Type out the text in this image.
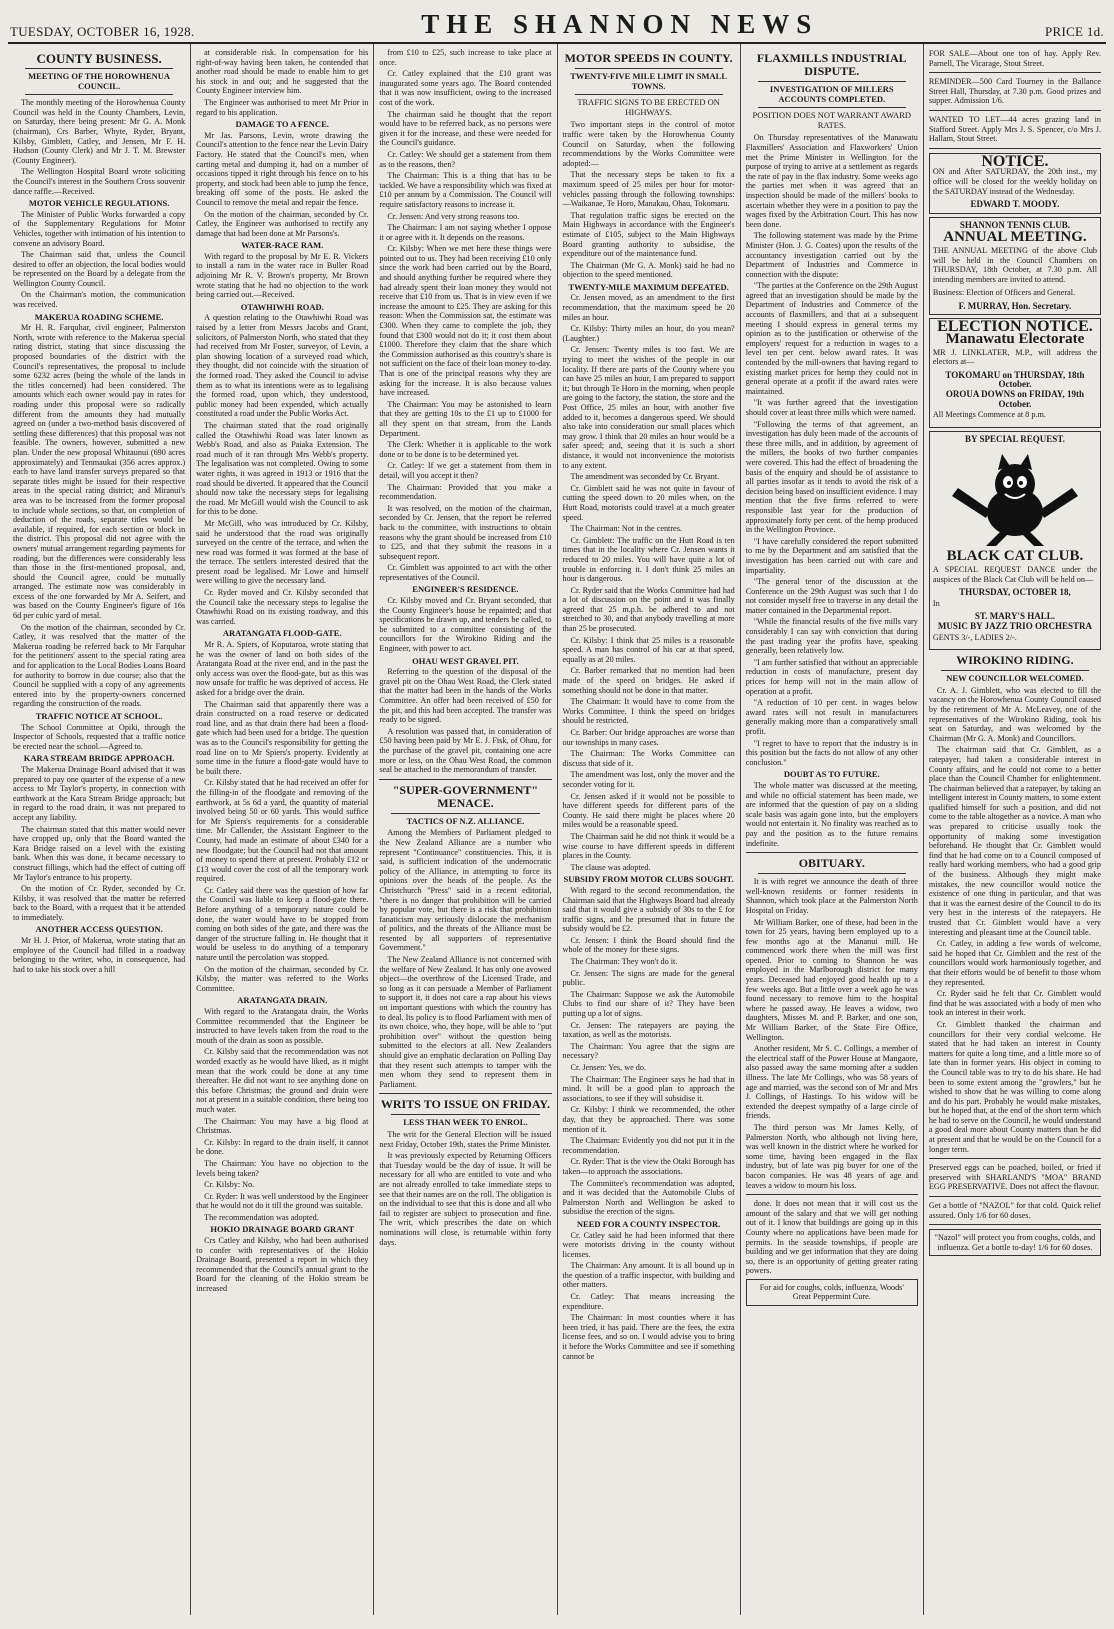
TUESDAY, OCTOBER 16, 1928.	THE SHANNON NEWS	PRICE 1d.
COUNTY BUSINESS.
MEETING OF THE HOROWHENUA COUNCIL.

The monthly meeting of the Horowhenua County Council was held in the County Chambers, Levin, on Saturday, there being present: Mr G. A. Monk (chairman), Crs Barber, Whyte, Ryder, Bryant, Kilsby, Gimblett, Catley, and Jensen, Mr F. H. Hudson (County Clerk) and Mr J. T. M. Brewster (County Engineer).

The Wellington Hospital Board wrote soliciting the Council's interest in the Southern Cross souvenir dance raffle.—Received.

MOTOR VEHICLE REGULATIONS.

The Minister of Public Works forwarded a copy of the Supplementary Regulations for Motor Vehicles, together with intimation of his intention to convene an advisory Board.

The Chairman said that, unless the Council desired to offer an objection, the local bodies would be represented on the Board by a delegate from the Wellington County Council.

On the Chairman's motion, the communication was received.

MAKERUA ROADING SCHEME.

Mr H. R. Farquhar, civil engineer, Palmerston North, wrote with reference to the Makerua special rating district, stating that since discussing the proposed boundaries of the district with the Council's representatives, the proposal to include some 6232 acres (being the whole of the lands in the titles concerned) had been considered. The amounts which each owner would pay in rates for roading under this proposal were so radically different from the amounts they had mutually agreed on (under a two-method basis discovered of settling these differences) that this proposal was not feasible. The owners, however, submitted a new plan. Under the new proposal Whitaunui (690 acres approximately) and Tenmaukai (356 acres approx.) each to have land transfer surveys prepared so that separate titles might be issued for their respective areas in the special rating district; and Miranui's area was to be increased from the former proposal to include whole sections, so that, on completion of deduction of the roads, separate titles would be available, if required, for each section or block in the district. This proposal did not agree with the owners' mutual arrangement regarding payments for roading, but the differences were considerably less than those in the first-mentioned proposal, and, should the Council agree, could be mutually arranged. The estimate now was considerably in excess of the one forwarded by Mr A. Seifert, and was based on the County Engineer's figure of 16s 6d per cubic yard of metal.

On the motion of the chairman, seconded by Cr. Catley, it was resolved that the matter of the Makerua roading be referred back to Mr Farquhar for the petitioners' assent to the special rating area and for application to the Local Bodies Loans Board for authority to borrow in due course; also that the Council be supplied with a copy of any agreements entered into by the property-owners concerned regarding the construction of the roads.

TRAFFIC NOTICE AT SCHOOL.

The School Committee at Opiki, through the Inspector of Schools, requested that a traffic notice be erected near the school.—Agreed to.

KARA STREAM BRIDGE APPROACH.

The Makerua Drainage Board advised that it was prepared to pay one quarter of the expense of a new access to Mr Taylor's property, in connection with earthwork at the Kara Stream Bridge approach; but in regard to the road drain, it was not prepared to accept any liability.

The chairman stated that this matter would never have cropped up, only that the Board wanted the Kara Bridge raised on a level with the existing bank. When this was done, it became necessary to construct fillings, which had the effect of cutting off Mr Taylor's entrance to his property.

On the motion of Cr. Ryder, seconded by Cr. Kilsby, it was resolved that the matter be referred back to the Board, with a request that it be attended to immediately.

ANOTHER ACCESS QUESTION.

Mr H. J. Prior, of Makerua, wrote stating that an employee of the Council had filled in a roadway belonging to the writer, who, in consequence, had had to take his stock over a hill

at considerable risk. In compensation for his right-of-way having been taken, he contended that another road should be made to enable him to get his stock in and out; and he suggested that the County Engineer interview him.

The Engineer was authorised to meet Mr Prior in regard to his application.

DAMAGE TO A FENCE.

Mr Jas. Parsons, Levin, wrote drawing the Council's attention to the fence near the Levin Dairy Factory. He stated that the Council's men, when carting metal and dumping it, had on a number of occasions tipped it right through his fence on to his property, and stock had been able to jump the fence, breaking off some of the posts. He asked the Council to remove the metal and repair the fence.

On the motion of the chairman, seconded by Cr. Catley, the Engineer was authorised to rectify any damage that had been done at Mr Parsons's.

WATER-RACE RAM.

With regard to the proposal by Mr E. R. Vickers to install a ram in the water race in Buller Road adjoining Mr R. V. Brown's property, Mr Brown wrote stating that he had no objection to the work being carried out.—Received.

OTAWHIWHI ROAD.

A question relating to the Otawhiwhi Road was raised by a letter from Messrs Jacobs and Grant, solicitors, of Palmerston North, who stated that they had received from Mr Foster, surveyor, of Levin, a plan showing location of a surveyed road which, they thought, did not coincide with the situation of the formed road. They asked the Council to advise them as to what its intentions were as to legalising the formed road, upon which, they understood, public money had been expended, which actually constituted a road under the Public Works Act.

The chairman stated that the road originally called the Otawhiwhi Road was later known as Webb's Road, and also as Paiaka Extension. The road much of it ran through Mrs Webb's property. The legalisation was not completed. Owing to some water rights, it was agreed in 1913 or 1916 that the road should be diverted. It appeared that the Council should now take the necessary steps for legalising the road. Mr McGill would wish the Council to ask for this to be done.

Mr McGill, who was introduced by Cr. Kilsby, said he understood that the road was originally surveyed on the centre of the terrace, and when the new road was formed it was formed at the base of the terrace. The settlers interested desired that the present road be legalised. Mr Lowe and himself were willing to give the necessary land.

Cr. Ryder moved and Cr. Kilsby seconded that the Council take the necessary steps to legalise the Otawhiwhi Road on its existing roadway, and this was carried.

ARATANGATA FLOOD-GATE.

Mr R. A. Spiers, of Koputaroa, wrote stating that he was the owner of land on both sides of the Aratangata Road at the river end, and in the past the only access was over the flood-gate, but as this was now unsafe for traffic he was deprived of access. He asked for a bridge over the drain.

The Chairman said that apparently there was a drain constructed on a road reserve or dedicated road line, and as that drain there had been a flood-gate which had been used for a bridge. The question was as to the Council's responsibility for getting the road line on to Mr Spiers's property. Evidently at some time in the future a flood-gate would have to be built there.

Cr. Kilsby stated that he had received an offer for the filling-in of the floodgate and removing of the earthwork, at 5s 6d a yard, the quantity of material involved being 50 or 60 yards. This would suffice for Mr Spiers's requirements for a considerable time. Mr Callender, the Assistant Engineer to the County, had made an estimate of about £340 for a new floodgate; but the Council had not that amount of money to spend there at present. Probably £12 or £13 would cover the cost of all the temporary work required.

Cr. Catley said there was the question of how far the Council was liable to keep a flood-gate there. Before anything of a temporary nature could be done, the water would have to be stopped from coming on both sides of the gate, and there was the danger of the structure falling in. He thought that it would be useless to do anything of a temporary nature until the percolation was stopped.

On the motion of the chairman, seconded by Cr. Kilsby, the matter was referred to the Works Committee.

ARATANGATA DRAIN.

With regard to the Aratangata drain, the Works Committee recommended that the Engineer be instructed to have levels taken from the road to the mouth of the drain as soon as possible.

Cr. Kilsby said that the recommendation was not worded exactly as he would have liked, as it might mean that the work could be done at any time thereafter. He did not want to see anything done on this before Christmas; the ground and drain were not at present in a suitable condition, there being too much water.

The Chairman: You may have a big flood at Christmas.

Cr. Kilsby: In regard to the drain itself, it cannot be done.

The Chairman: You have no objection to the levels being taken?

Cr. Kilsby: No.

Cr. Ryder: It was well understood by the Engineer that he would not do it till the ground was suitable.

The recommendation was adopted.

HOKIO DRAINAGE BOARD GRANT

Crs Catley and Kilsby, who had been authorised to confer with representatives of the Hokio Drainage Board, presented a report in which they recommended that the Council's annual grant to the Board for the cleaning of the Hokio stream be increased

from £10 to £25, such increase to take place at once.

Cr. Catley explained that the £10 grant was inaugurated some years ago. The Board contended that it was now insufficient, owing to the increased cost of the work.

The chairman said he thought that the report would have to be referred back, as no persons were given it for the increase, and these were needed for the Council's guidance.

Cr. Catley: We should get a statement from them as to the reasons, then?

The Chairman: This is a thing that has to be tackled. We have a responsibility which was fixed at £10 per annum by a Commission. The Council will require satisfactory reasons to increase it.

Cr. Jensen: And very strong reasons too.

The Chairman: I am not saying whether I oppose it or agree with it. It depends on the reasons.

Cr. Kilsby: When we met here these things were pointed out to us. They had been receiving £10 only since the work had been carried out by the Board, and should anything further be required where they had already spent their loan money they would not receive that £10 from us. That is in view even if we increase the amount to £25. They are asking for this reason: When the Commission sat, the estimate was £300. When they came to complete the job, they found that £300 would not do it; it cost them about £1000. Therefore they claim that the share which the Commission authorised as this country's share is not sufficient on the face of their loan money to-day. That is one of the principal reasons why they are asking for the increase. It is also because values have increased.

The Chairman: You may be astonished to learn that they are getting 10s to the £1 up to £1000 for all they spent on that stream, from the Lands Department.

The Clerk: Whether it is applicable to the work done or to be done is to be determined yet.

Cr. Catley: If we get a statement from them in detail, will you accept it then?

The Chairman: Provided that you make a recommendation.

It was resolved, on the motion of the chairman, seconded by Cr. Jensen, that the report be referred back to the committee, with instructions to obtain reasons why the grant should be increased from £10 to £25, and that they submit the reasons in a subsequent report.

Cr. Gimblett was appointed to act with the other representatives of the Council.

ENGINEER'S RESIDENCE.

Cr. Kilsby moved and Cr. Bryant seconded, that the County Engineer's house be repainted; and that specifications be drawn up, and tenders be called, to be submitted to a committee consisting of the councillors for the Wirokino Riding and the Engineer, with power to act.

OHAU WEST GRAVEL PIT.

Referring to the question of the disposal of the gravel pit on the Ohau West Road, the Clerk stated that the matter had been in the hands of the Works Committee. An offer had been received of £50 for the pit, and this had been accepted. The transfer was ready to be signed.

A resolution was passed that, in consideration of £50 having been paid by Mr E. J. Fisk, of Ohau, for the purchase of the gravel pit, containing one acre more or less, on the Ohau West Road, the common seal be attached to the memorandum of transfer.

"SUPER-GOVERNMENT" MENACE.
TACTICS OF N.Z. ALLIANCE.

Among the Members of Parliament pledged to the New Zealand Alliance are a number who represent "Continuance" constituencies. This, it is said, is sufficient indication of the undemocratic policy of the Alliance, in attempting to force its opinions over the heads of the people. As the Christchurch "Press" said in a recent editorial, "there is no danger that prohibition will be carried by popular vote, but there is a risk that prohibition fanaticism may seriously dislocate the mechanism of politics, and the threats of the Alliance must be resented by all supporters of representative Government."

The New Zealand Alliance is not concerned with the welfare of New Zealand. It has only one avowed object—the overthrow of the Licensed Trade, and so long as it can persuade a Member of Parliament to support it, it does not care a rap about his views on important questions with which the country has to deal. Its policy is to flood Parliament with men of its own choice, who, they hope, will be able to "put prohibition over" without the question being submitted to the electors at all. New Zealanders should give an emphatic declaration on Polling Day that they resent such attempts to tamper with the men whom they send to represent them in Parliament.

WRITS TO ISSUE ON FRIDAY.
LESS THAN WEEK TO ENROL.

The writ for the General Election will be issued next Friday, October 19th, states the Prime Minister.

It was previously expected by Returning Officers that Tuesday would be the day of issue. It will be necessary for all who are entitled to vote and who are not already enrolled to take immediate steps to see that their names are on the roll. The obligation is on the individual to see that this is done and all who fail to register are subject to prosecution and fine. The writ, which prescribes the date on which nominations will close, is returnable within forty days.

MOTOR SPEEDS IN COUNTY.
TWENTY-FIVE MILE LIMIT IN SMALL TOWNS.
TRAFFIC SIGNS TO BE ERECTED ON HIGHWAYS.

Two important steps in the control of motor traffic were taken by the Horowhenua County Council on Saturday, when the following recommendations by the Works Committee were adopted:—

That the necessary steps be taken to fix a maximum speed of 25 miles per hour for motor-vehicles passing through the following townships:—Waikanae, Te Horo, Manakau, Ohau, Tokomaru.

That regulation traffic signs be erected on the Main Highways in accordance with the Engineer's estimate of £105, subject to the Main Highways Board granting authority to subsidise, the expenditure out of the maintenance fund.

The Chairman (Mr G. A. Monk) said he had no objection to the speed mentioned.

TWENTY-MILE MAXIMUM DEFEATED.

Cr. Jensen moved, as an amendment to the first recommendation, that the maximum speed be 20 miles an hour.

Cr. Kilsby: Thirty miles an hour, do you mean? (Laughter.)

Cr. Jensen: Twenty miles is too fast. We are trying to meet the wishes of the people in our locality. If there are parts of the County where you can have 25 miles an hour, I am prepared to support it; but through Te Horo in the morning, when people are going to the factory, the station, the store and the Post Office, 25 miles an hour, with another five added to it, becomes a dangerous speed. We should also take into consideration our small places which may grow. I think that 20 miles an hour would be a safer speed; and, seeing that it is such a short distance, it would not inconvenience the motorists to any extent.

The amendment was seconded by Cr. Bryant.

Cr. Gimblett said he was not quite in favour of cutting the speed down to 20 miles when, on the Hutt Road, motorists could travel at a much greater speed.

The Chairman: Not in the centres.

Cr. Gimblett: The traffic on the Hutt Road is ten times that in the locality where Cr. Jensen wants it reduced to 20 miles. You will have quite a lot of trouble in enforcing it. I don't think 25 miles an hour is dangerous.

Cr. Ryder said that the Works Committee had had a lot of discussion on the point and it was finally agreed that 25 m.p.h. be adhered to and not stretched to 30, and that anybody travelling at more than 25 be prosecuted.

Cr. Kilsby: I think that 25 miles is a reasonable speed. A man has control of his car at that speed, equally as at 20 miles.

Cr. Barber remarked that no mention had been made of the speed on bridges. He asked if something should not be done in that matter.

The Chairman: It would have to come from the Works Committee. I think the speed on bridges should be restricted.

Cr. Barber: Our bridge approaches are worse than our townships in many cases.

The Chairman: The Works Committee can discuss that side of it.

The amendment was lost, only the mover and the seconder voting for it.

Cr. Jensen asked if it would not be possible to have different speeds for different parts of the County. He said there might be places where 20 miles would be a reasonable speed.

The Chairman said he did not think it would be a wise course to have different speeds in different places in the County.

The clause was adopted.

SUBSIDY FROM MOTOR CLUBS SOUGHT.

With regard to the second recommendation, the Chairman said that the Highways Board had already said that it would give a subsidy of 30s to the £ for traffic signs, and he presumed that in future the subsidy would be £2.

Cr. Jensen: I think the Board should find the whole of the money for these signs.

The Chairman: They won't do it.

Cr. Jensen: The signs are made for the general public.

The Chairman: Suppose we ask the Automobile Clubs to find our share of it? They have been putting up a lot of signs.

Cr. Jensen: The ratepayers are paying the taxation, as well as the motorists.

The Chairman: You agree that the signs are necessary?

Cr. Jensen: Yes, we do.

The Chairman: The Engineer says he had that in mind. It will be a good plan to approach the associations, to see if they will subsidise it.

Cr. Kilsby: I think we recommended, the other day, that they be approached. There was some mention of it.

The Chairman: Evidently you did not put it in the recommendation.

Cr. Ryder: That is the view the Otaki Borough has taken—to approach the associations.

The Committee's recommendation was adopted, and it was decided that the Automobile Clubs of Palmerston North and Wellington be asked to subsidise the erection of the signs.

NEED FOR A COUNTY INSPECTOR.

Cr. Catley said he had been informed that there were motorists driving in the county without licenses.

The Chairman: Any amount. It is all bound up in the question of a traffic inspector, with building and other matters.

Cr. Catley: That means increasing the expenditure.

The Chairman: In most counties where it has been tried, it has paid. There are the fees, the extra license fees, and so on. I would advise you to bring it before the Works Committee and see if something cannot be

FLAXMILLS INDUSTRIAL DISPUTE.
INVESTIGATION OF MILLERS ACCOUNTS COMPLETED.
POSITION DOES NOT WARRANT AWARD RATES.

On Thursday representatives of the Manawatu Flaxmillers' Association and Flaxworkers' Union met the Prime Minister in Wellington for the purpose of trying to arrive at a settlement as regards the rate of pay in the flax industry. Some weeks ago the parties met when it was agreed that an inspection should be made of the millers' books to ascertain whether they were in a position to pay the wages fixed by the Arbitration Court. This has now been done.

The following statement was made by the Prime Minister (Hon. J. G. Coates) upon the results of the accountancy investigation carried out by the Department of Industries and Commerce in connection with the dispute:

"The parties at the Conference on the 29th August agreed that an investigation should be made by the Department of Industries and Commerce of the accounts of flaxmillers, and that at a subsequent meeting I should express in general terms my opinion as to the justification or otherwise of the employers' request for a reduction in wages to a level ten per cent. below award rates. It was contended by the mill-owners that having regard to existing market prices for hemp they could not in general operate at a profit if the award rates were maintained.

"It was further agreed that the investigation should cover at least three mills which were named.

"Following the terms of that agreement, an investigation has duly been made of the accounts of these three mills, and in addition, by agreement of the millers, the books of two further companies were covered. This had the effect of broadening the basis of the enquiry and should be of assistance to all parties insofar as it tends to avoid the risk of a decision being based on insufficient evidence. I may mention that the five firms referred to were responsible last year for the production of approximately forty per cent. of the hemp produced in the Wellington Province.

"I have carefully considered the report submitted to me by the Department and am satisfied that the investigation has been carried out with care and impartiality.

"The general tenor of the discussion at the Conference on the 29th August was such that I do not consider myself free to traverse in any detail the matter contained in the Departmental report.

"While the financial results of the five mills vary considerably I can say with conviction that during the past trading year the profits have, speaking generally, been relatively low.

"I am further satisfied that without an appreciable reduction in costs of manufacture, present day prices for hemp will not in the main allow of operation at a profit.

"A reduction of 10 per cent. in wages below award rates will not result in manufacturers generally making more than a comparatively small profit.

"I regret to have to report that the industry is in this position but the facts do not allow of any other conclusion."

DOUBT AS TO FUTURE.

The whole matter was discussed at the meeting, and while no official statement has been made, we are informed that the question of pay on a sliding scale basis was again gone into, but the employers would not entertain it. No finality was reached as to pay and the position as to the future remains indefinite.

OBITUARY.

It is with regret we announce the death of three well-known residents or former residents in Shannon, which took place at the Palmerston North Hospital on Friday.

Mr William Barker, one of these, had been in the town for 25 years, having been employed up to a few months ago at the Mananui mill. He commenced work there when the mill was first opened. Prior to coming to Shannon he was employed in the Marlborough district for many years. Deceased had enjoyed good health up to a few weeks ago. But a little over a week ago he was found necessary to remove him to the hospital where he passed away. He leaves a widow, two daughters, Misses M. and P. Barker, and one son, Mr William Barker, of the State Fire Office, Wellington.

Another resident, Mr S. C. Collings, a member of the electrical staff of the Power House at Mangaore, also passed away the same morning after a sudden illness. The late Mr Collings, who was 58 years of age and married, was the second son of Mr and Mrs J. Collings, of Hastings. To his widow will be extended the deepest sympathy of a large circle of friends.

The third person was Mr James Kelly, of Palmerston North, who although not living here, was well known in the district where he worked for some time, having been engaged in the flax industry, but of late was pig buyer for one of the bacon companies. He was 48 years of age and leaves a widow to mourn his loss.

done. It does not mean that it will cost us the amount of the salary and that we will get nothing out of it. I know that buildings are going up in this County where no applications have been made for permits. In the seaside townships, if people are building and we get information that they are doing so, there is an opportunity of getting greater rating powers.

For aid for coughs, colds, influenza, Woods' Great Peppermint Cure.
FOR SALE—About one ton of hay. Apply Rev. Parnell, The Vicarage, Stout Street.
REMINDER—500 Card Tourney in the Ballance Street Hall, Thursday, at 7.30 p.m. Good prizes and supper. Admission 1/6.
WANTED TO LET—44 acres grazing land in Stafford Street. Apply Mrs J. S. Spencer, c/o Mrs J. Hallam, Stout Street.
NOTICE.
ON and After SATURDAY, the 20th inst., my office will be closed for the weekly holiday on the SATURDAY instead of the Wednesday.
EDWARD T. MOODY.
SHANNON TENNIS CLUB.
ANNUAL MEETING.
THE ANNUAL MEETING of the above Club will be held in the Council Chambers on THURSDAY, 18th October, at 7.30 p.m. All intending members are invited to attend.
Business: Election of Officers and General.
F. MURRAY, Hon. Secretary.
ELECTION NOTICE.
Manawatu Electorate
MR J. LINKLATER, M.P., will address the electors at—
TOKOMARU on THURSDAY, 18th October.
OROUA DOWNS on FRIDAY, 19th October.
All Meetings Commence at 8 p.m.
BY SPECIAL REQUEST.
BLACK CAT CLUB.
A SPECIAL REQUEST DANCE under the auspices of the Black Cat Club will be held on—
THURSDAY, OCTOBER 18,
In
ST. MARY'S HALL.
MUSIC BY JAZZ TRIO ORCHESTRA
GENTS 3/-, LADIES 2/-.
WIROKINO RIDING.
NEW COUNCILLOR WELCOMED.

Cr. A. J. Gimblett, who was elected to fill the vacancy on the Horowhenua County Council caused by the retirement of Mr A. McLeavey, one of the representatives of the Wirokino Riding, took his seat on Saturday, and was welcomed by the Chairman (Mr G. A. Monk) and Councillors.

The chairman said that Cr. Gimblett, as a ratepayer, had taken a considerable interest in County affairs, and he could not come to a better place than the Council Chamber for enlightenment. The chairman believed that a ratepayer, by taking an intelligent interest in County matters, to some extent qualified himself for such a position, and did not come to the table altogether as a novice. A man who was prepared to criticise usually took the opportunity of making some investigation beforehand. He thought that Cr. Gimblett would find that he had come on to a Council composed of really hard working members, who had a good grip of the business. Although they might make mistakes, the new councillor would notice the existence of one thing in particular, and that was that it was the earnest desire of the Council to do its very best in the interests of the ratepayers. He trusted that Cr. Gimblett would have a very interesting and pleasant time at the Council table.

Cr. Catley, in adding a few words of welcome, said he hoped that Cr. Gimblett and the rest of the councillors would work harmoniously together, and that their efforts would be of benefit to those whom they represented.

Cr. Ryder said he felt that Cr. Gimblett would find that he was associated with a body of men who took an interest in their work.

Cr. Gimblett thanked the chairman and councillors for their very cordial welcome. He stated that he had taken an interest in County matters for quite a long time, and a little more so of late than in former years. His object in coming to the Council table was to try to do his share. He had been to some extent among the "growlers," but he wished to show that he was willing to come along and do his part. Probably he would make mistakes, but he hoped that, at the end of the short term which he had to serve on the Council, he would understand a good deal more about County matters than he did at present and that he would be on the Council for a longer term.

Preserved eggs can be poached, boiled, or fried if preserved with SHARLAND'S "MOA" BRAND EGG PRESERVATIVE. Does not affect the flavour.
Get a bottle of "NAZOL" for that cold. Quick relief assured. Only 1/6 for 60 doses.
"Nazol" will protect you from coughs, colds, and influenza. Get a bottle to-day! 1/6 for 60 doses.
